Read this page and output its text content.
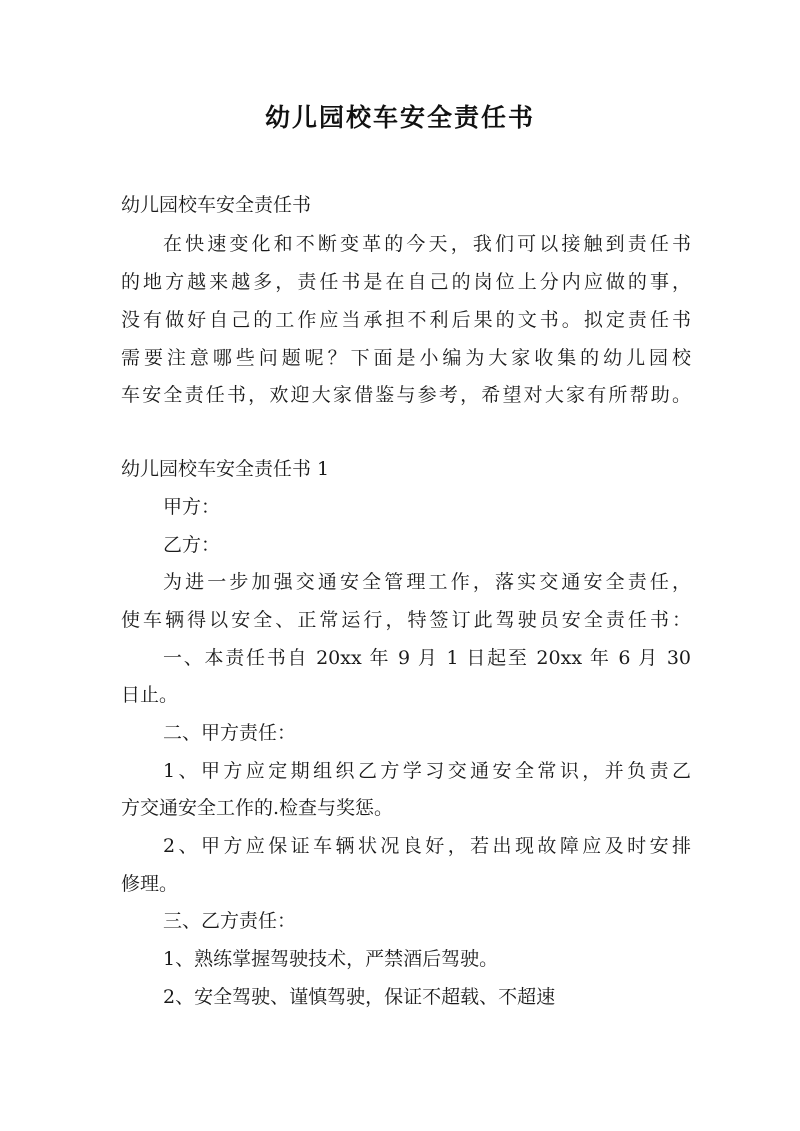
幼儿园校车安全责任书
幼儿园校车安全责任书
在快速变化和不断变革的今天，我们可以接触到责任书
的地方越来越多，责任书是在自己的岗位上分内应做的事，
没有做好自己的工作应当承担不利后果的文书。拟定责任书
需要注意哪些问题呢？下面是小编为大家收集的幼儿园校
车安全责任书，欢迎大家借鉴与参考，希望对大家有所帮助。
幼儿园校车安全责任书 1
甲方：
乙方：
为进一步加强交通安全管理工作，落实交通安全责任，
使车辆得以安全、正常运行，特签订此驾驶员安全责任书：
一、本责任书自 20xx 年 9 月 1 日起至 20xx 年 6 月 30
日止。
二、甲方责任：
1、甲方应定期组织乙方学习交通安全常识，并负责乙
方交通安全工作的.检查与奖惩。
2、甲方应保证车辆状况良好，若出现故障应及时安排
修理。
三、乙方责任：
1、熟练掌握驾驶技术，严禁酒后驾驶。
2、安全驾驶、谨慎驾驶，保证不超载、不超速
